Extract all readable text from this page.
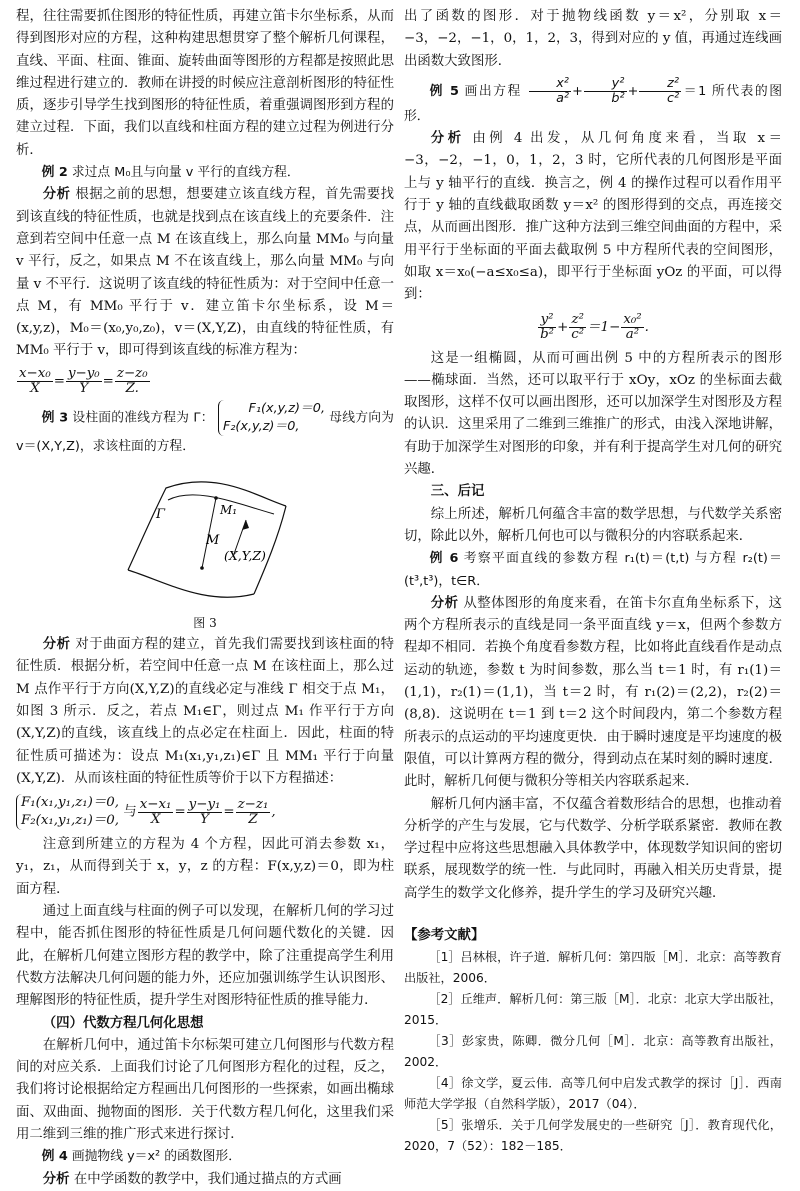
程，往往需要抓住图形的特征性质，再建立笛卡尔坐标系，从而得到图形对应的方程，这种构建思想贯穿了整个解析几何课程，直线、平面、柱面、锥面、旋转曲面等图形的方程都是按照此思维过程进行建立的．教师在讲授的时候应注意剖析图形的特征性质，逐步引导学生找到图形的特征性质，着重强调图形到方程的建立过程．下面，我们以直线和柱面方程的建立过程为例进行分析．

例 2 求过点 M₀且与向量 v 平行的直线方程．

分析 根据之前的思想，想要建立该直线方程，首先需要找到该直线的特征性质，也就是找到点在该直线上的充要条件．注意到若空间中任意一点 M 在该直线上，那么向量 MM₀ 与向量 v 平行，反之，如果点 M 不在该直线上，那么向量 MM₀ 与向量 v 不平行．这说明了该直线的特征性质为：对于空间中任意一点 M，有 MM₀ 平行于 v．建立笛卡尔坐标系，设 M＝(x,y,z)，M₀＝(x₀,y₀,z₀)，v＝(X,Y,Z)，由直线的特征性质，有 MM₀ 平行于 v，即可得到该直线的标准方程为：

$\frac{\text{x−x₀}}{X} = \frac{\text{y−y₀}}{Y} = \frac{\text{z−z₀}}{Z.}$

例 3 设柱面的准线方程为 Γ： F₁(x,y,z)＝0,
F₂(x,y,z)＝0, 母线方向为 v＝(X,Y,Z)，求该柱面的方程．

Γ	M₁
M
(X,Y,Z)
图 3

分析 对于曲面方程的建立，首先我们需要找到该柱面的特征性质．根据分析，若空间中任意一点 M 在该柱面上，那么过 M 点作平行于方向(X,Y,Z)的直线必定与准线 Γ 相交于点 M₁，如图 3 所示．反之，若点 M₁∈Γ，则过点 M₁ 作平行于方向(X,Y,Z)的直线，该直线上的点必定在柱面上．因此，柱面的特征性质可描述为：设点 M₁(x₁,y₁,z₁)∈Γ 且 MM₁ 平行于向量(X,Y,Z)．从而该柱面的特征性质等价于以下方程描述：

F₁(x₁,y₁,z₁)＝0,
F₂(x₁,y₁,z₁)＝0, 与 $\frac{\text{x−x₁}}{X} = \frac{\text{y−y₁}}{Y} = \frac{\text{z−z₁}}{Z}$ ,

注意到所建立的方程为 4 个方程，因此可消去参数 x₁，y₁，z₁，从而得到关于 x，y，z 的方程：F(x,y,z)＝0，即为柱面方程．

通过上面直线与柱面的例子可以发现，在解析几何的学习过程中，能否抓住图形的特征性质是几何问题代数化的关键．因此，在解析几何建立图形方程的教学中，除了注重提高学生利用代数方法解决几何问题的能力外，还应加强训练学生认识图形、理解图形的特征性质，提升学生对图形特征性质的推导能力．

（四）代数方程几何化思想

在解析几何中，通过笛卡尔标架可建立几何图形与代数方程间的对应关系．上面我们讨论了几何图形方程化的过程，反之，我们将讨论根据给定方程画出几何图形的一些探索，如画出椭球面、双曲面、抛物面的图形．关于代数方程几何化，这里我们采用二维到三维的推广形式来进行探讨．

例 4 画抛物线 y＝x² 的函数图形．

分析 在中学函数的教学中，我们通过描点的方式画

出了函数的图形．对于抛物线函数 y＝x²，分别取 x＝−3，−2，−1，0，1，2，3，得到对应的 y 值，再通过连线画出函数大致图形．

例 5 画出方程 $\frac{\text{x²}}{\text{a²}} + \frac{\text{y²}}{\text{b²}} + \frac{\text{z²}}{\text{c²}} =1$ 所代表的图形．

分析 由例 4 出发，从几何角度来看，当取 x＝−3，−2，−1，0，1，2，3 时，它所代表的几何图形是平面上与 y 轴平行的直线．换言之，例 4 的操作过程可以看作用平行于 y 轴的直线截取函数 y＝x² 的图形得到的交点，再连接交点，从而画出图形．推广这种方法到三维空间曲面的方程中，采用平行于坐标面的平面去截取例 5 中方程所代表的空间图形，如取 x＝x₀(−a≤x₀≤a)，即平行于坐标面 yOz 的平面，可以得到：

$\frac{\text{y²}}{\text{b²}} + \frac{\text{z²}}{\text{c²}} =1- \frac{\text{x₀²}}{\text{a²}}$ .

这是一组椭圆，从而可画出例 5 中的方程所表示的图形——椭球面．当然，还可以取平行于 xOy，xOz 的坐标面去截取图形，这样不仅可以画出图形，还可以加深学生对图形及方程的认识．这里采用了二维到三维推广的形式，由浅入深地讲解，有助于加深学生对图形的印象，并有利于提高学生对几何的研究兴趣．

三、后记

综上所述，解析几何蕴含丰富的数学思想，与代数学关系密切，除此以外，解析几何也可以与微积分的内容联系起来．

例 6 考察平面直线的参数方程 r₁(t)＝(t,t) 与方程 r₂(t)＝(t³,t³)，t∈R．

分析 从整体图形的角度来看，在笛卡尔直角坐标系下，这两个方程所表示的直线是同一条平面直线 y＝x，但两个参数方程却不相同．若换个角度看参数方程，比如将此直线看作是动点运动的轨迹，参数 t 为时间参数，那么当 t＝1 时，有 r₁(1)＝(1,1)，r₂(1)＝(1,1)，当 t＝2 时，有 r₁(2)＝(2,2)，r₂(2)＝(8,8)．这说明在 t＝1 到 t＝2 这个时间段内，第二个参数方程所表示的点运动的平均速度更快．由于瞬时速度是平均速度的极限值，可以计算两方程的微分，得到动点在某时刻的瞬时速度．此时，解析几何便与微积分等相关内容联系起来．

解析几何内涵丰富，不仅蕴含着数形结合的思想，也推动着分析学的产生与发展，它与代数学、分析学联系紧密．教师在教学过程中应将这些思想融入具体教学中，体现数学知识间的密切联系，展现数学的统一性．与此同时，再融入相关历史背景，提高学生的数学文化修养，提升学生的学习及研究兴趣．

【参考文献】

［1］吕林根，许子道．解析几何：第四版［M］．北京：高等教育出版社，2006．

［2］丘维声．解析几何：第三版［M］．北京：北京大学出版社，2015．

［3］彭家贵，陈卿．微分几何［M］．北京：高等教育出版社，2002．

［4］徐文学，夏云伟．高等几何中启发式教学的探讨［J］．西南师范大学学报（自然科学版），2017（04）．

［5］张增乐．关于几何学发展史的一些研究［J］．教育现代化，2020，7（52）：182－185．
